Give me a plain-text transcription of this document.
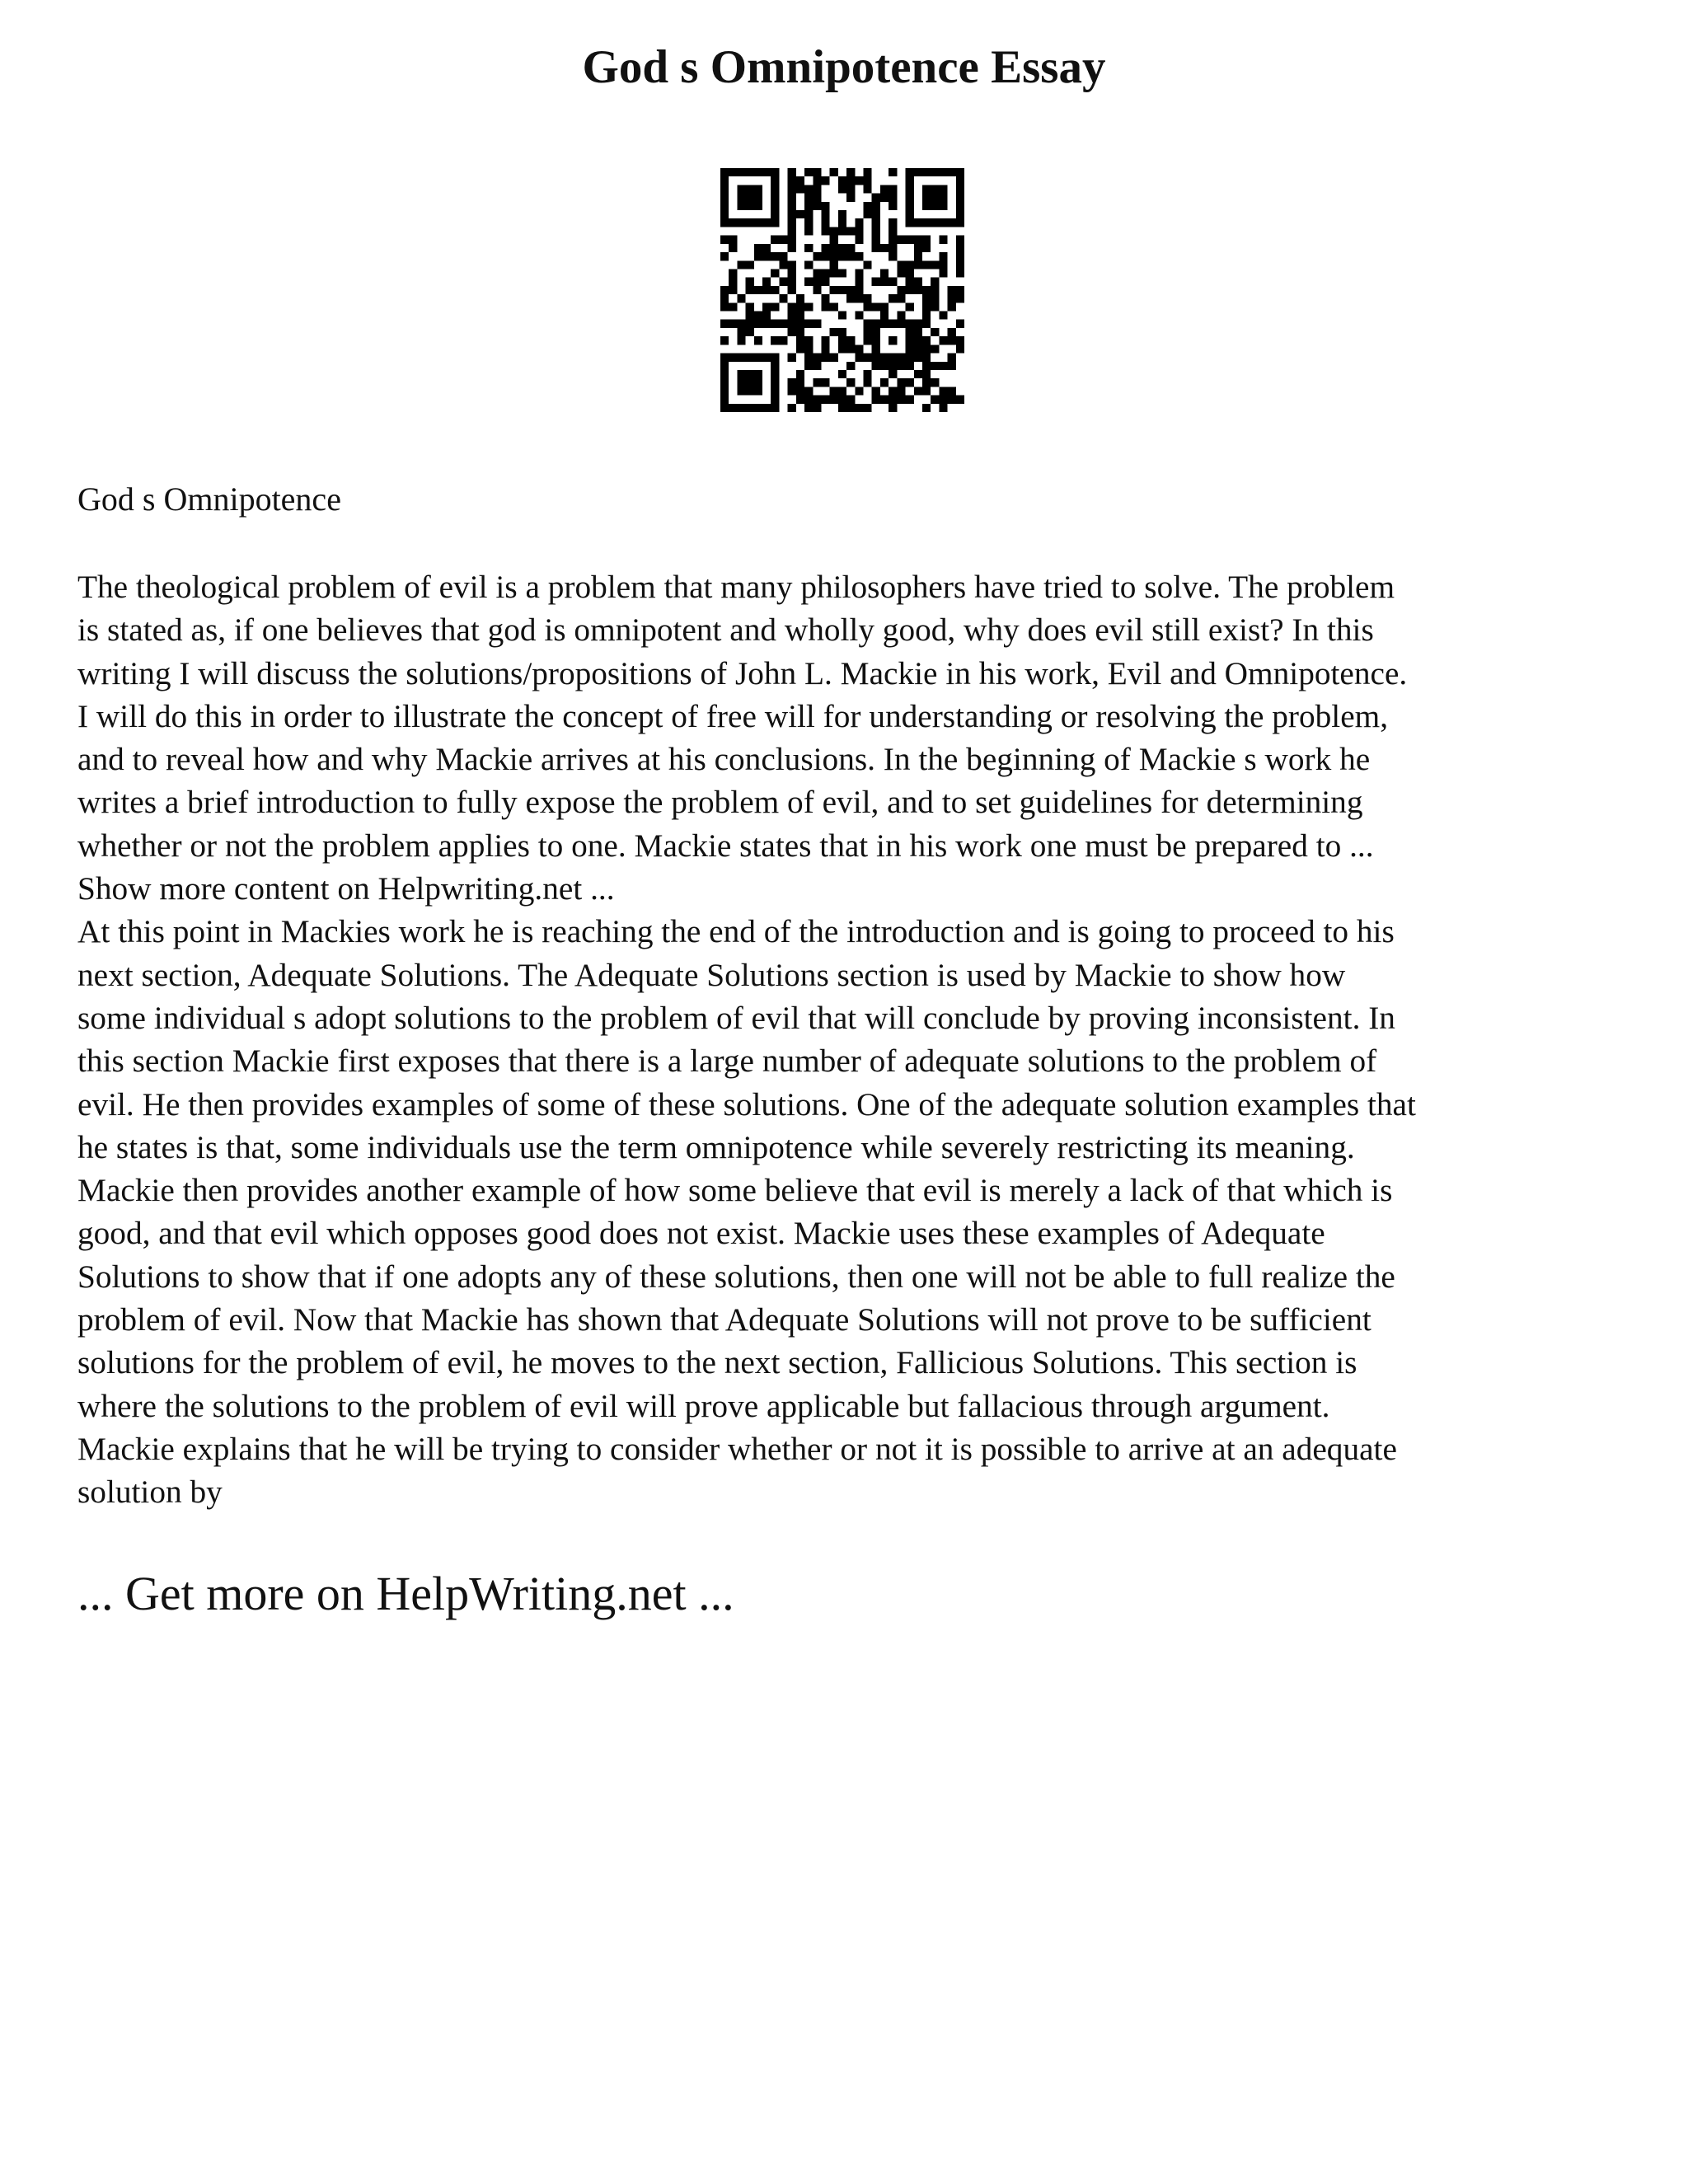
God s Omnipotence Essay

God s Omnipotence

The theological problem of evil is a problem that many philosophers have tried to solve. The problem
is stated as, if one believes that god is omnipotent and wholly good, why does evil still exist? In this
writing I will discuss the solutions/propositions of John L. Mackie in his work, Evil and Omnipotence.
I will do this in order to illustrate the concept of free will for understanding or resolving the problem,
and to reveal how and why Mackie arrives at his conclusions. In the beginning of Mackie s work he
writes a brief introduction to fully expose the problem of evil, and to set guidelines for determining
whether or not the problem applies to one. Mackie states that in his work one must be prepared to ...
Show more content on Helpwriting.net ...
At this point in Mackies work he is reaching the end of the introduction and is going to proceed to his
next section, Adequate Solutions. The Adequate Solutions section is used by Mackie to show how
some individual s adopt solutions to the problem of evil that will conclude by proving inconsistent. In
this section Mackie first exposes that there is a large number of adequate solutions to the problem of
evil. He then provides examples of some of these solutions. One of the adequate solution examples that
he states is that, some individuals use the term omnipotence while severely restricting its meaning.
Mackie then provides another example of how some believe that evil is merely a lack of that which is
good, and that evil which opposes good does not exist. Mackie uses these examples of Adequate
Solutions to show that if one adopts any of these solutions, then one will not be able to full realize the
problem of evil. Now that Mackie has shown that Adequate Solutions will not prove to be sufficient
solutions for the problem of evil, he moves to the next section, Fallicious Solutions. This section is
where the solutions to the problem of evil will prove applicable but fallacious through argument.
Mackie explains that he will be trying to consider whether or not it is possible to arrive at an adequate
solution by

... Get more on HelpWriting.net ...
